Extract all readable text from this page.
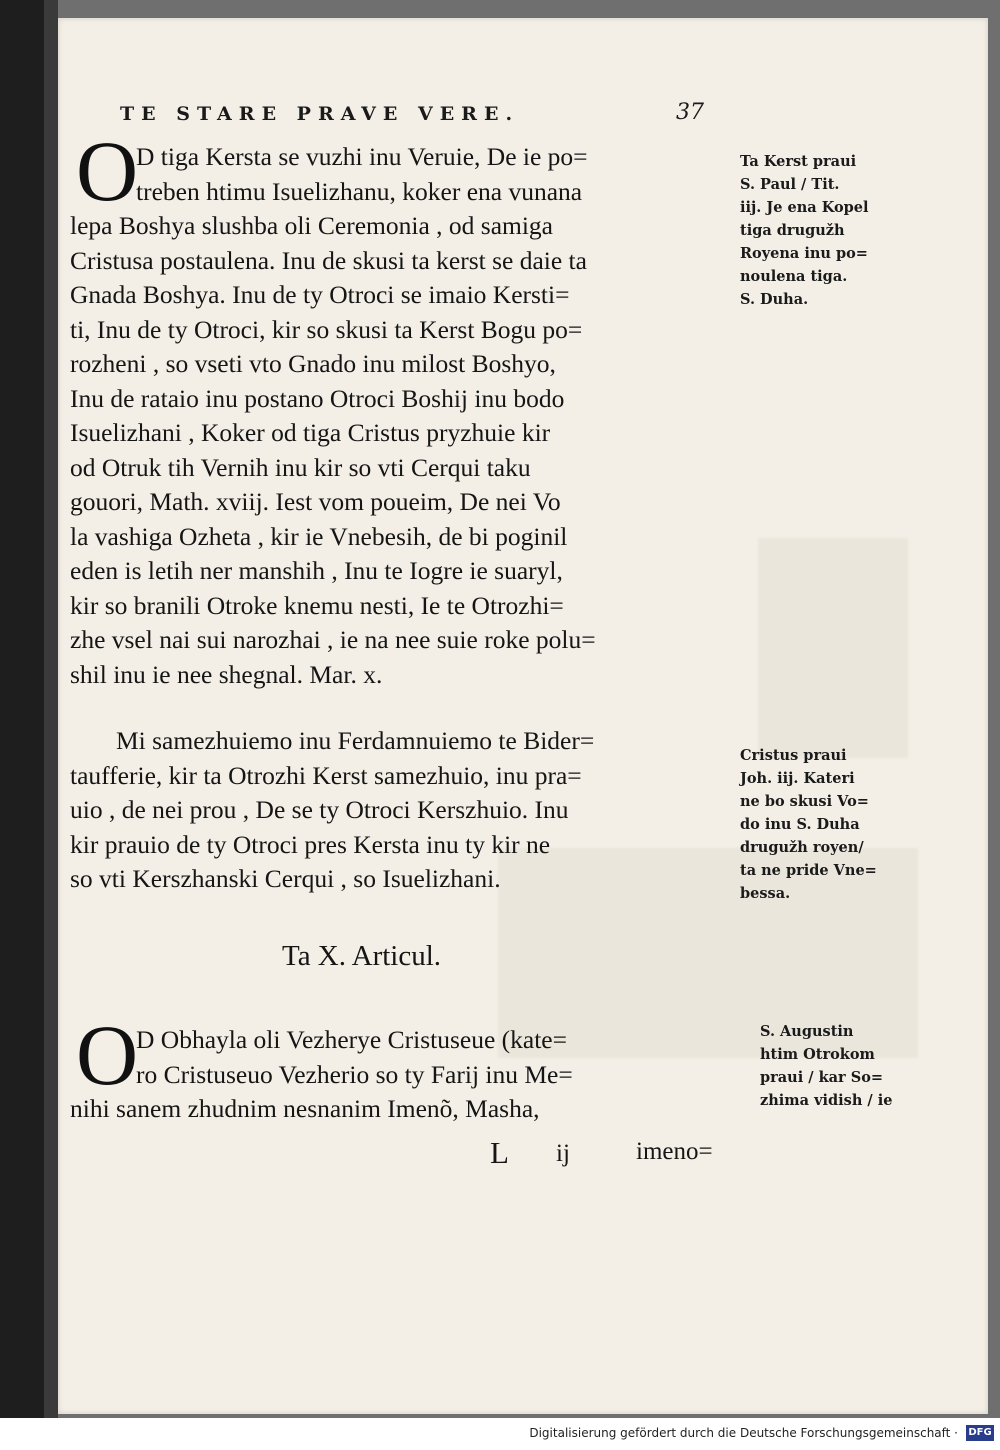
TE STARE PRAVE VERE.	37
O
D tiga Kersta se vuzhi inu Veruie, De ie po=
treben htimu Isuelizhanu, koker ena vunana
lepa Boshya slushba oli Ceremonia , od samiga
Cristusa postaulena. Inu de skusi ta kerst se daie ta
Gnada Boshya. Inu de ty Otroci se imaio Kersti=
ti, Inu de ty Otroci, kir so skusi ta Kerst Bogu po=
rozheni , so vseti vto Gnado inu milost Boshyo,
Inu de rataio inu postano Otroci Boshij inu bodo
Isuelizhani , Koker od tiga Cristus pryzhuie kir
od Otruk tih Vernih inu kir so vti Cerqui taku
gouori, Math. xviij. Iest vom poueim, De nei Vo
la vashiga Ozheta , kir ie Vnebesih, de bi poginil
eden is letih ner manshih , Inu te Iogre ie suaryl,
kir so branili Otroke knemu nesti, Ie te Otrozhi=
zhe vsel nai sui narozhai , ie na nee suie roke polu=
shil inu ie nee shegnal. Mar. x.
Mi samezhuiemo inu Ferdamnuiemo te Bider=
taufferie, kir ta Otrozhi Kerst samezhuio, inu pra=
uio , de nei prou , De se ty Otroci Kerszhuio. Inu
kir prauio de ty Otroci pres Kersta inu ty kir ne
so vti Kerszhanski Cerqui , so Isuelizhani.
Ta X. Articul.
O
D Obhayla oli Vezherye Cristuseue (kate=
ro Cristuseuo Vezherio so ty Farij inu Me=
nihi sanem zhudnim nesnanim Imenõ, Masha,
L ij	imeno=
Ta Kerst praui
S. Paul / Tit.
iij. Je ena Kopel
tiga drugužh
Royena inu po=
noulena tiga.
S. Duha.
Cristus praui
Joh. iij. Kateri
ne bo skusi Vo=
do inu S. Duha
drugužh royen/
ta ne pride Vne=
bessa.
S. Augustin
htim Otrokom
praui / kar So=
zhima vidish / ie
Digitalisierung gefördert durch die Deutsche Forschungsgemeinschaft · DFG
